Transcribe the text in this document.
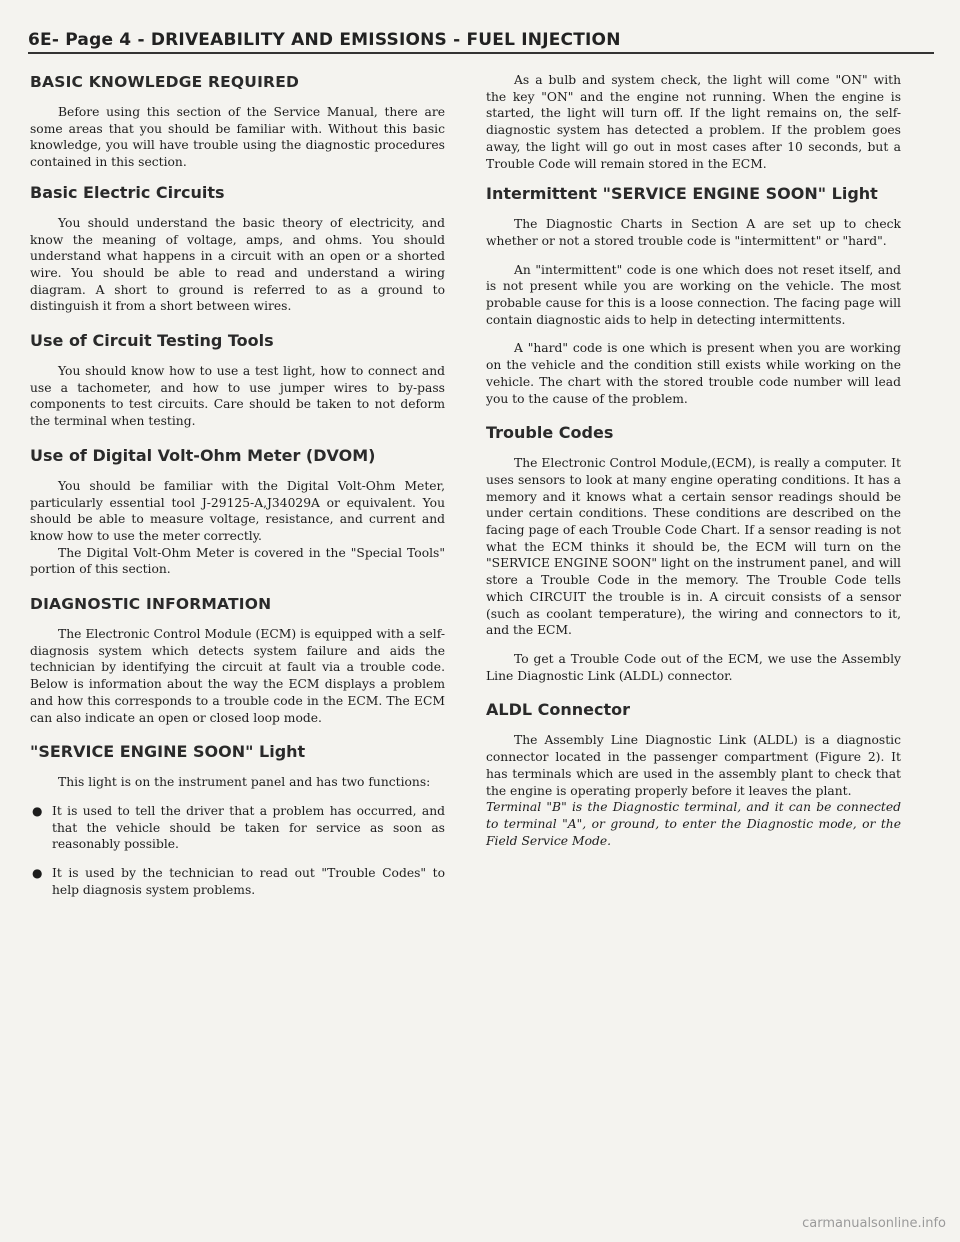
6E- Page 4 - DRIVEABILITY AND EMISSIONS - FUEL INJECTION
BASIC KNOWLEDGE REQUIRED

Before using this section of the Service Manual, there are some areas that you should be familiar with. Without this basic knowledge, you will have trouble using the diagnostic procedures contained in this section.

Basic Electric Circuits

You should understand the basic theory of electricity, and know the meaning of voltage, amps, and ohms. You should understand what happens in a circuit with an open or a shorted wire. You should be able to read and understand a wiring diagram. A short to ground is referred to as a ground to distinguish it from a short between wires.

Use of Circuit Testing Tools

You should know how to use a test light, how to connect and use a tachometer, and how to use jumper wires to by-pass components to test circuits. Care should be taken to not deform the terminal when testing.

Use of Digital Volt-Ohm Meter (DVOM)

You should be familiar with the Digital Volt-Ohm Meter, particularly essential tool J-29125-A,J34029A or equivalent. You should be able to measure voltage, resistance, and current and know how to use the meter correctly.

The Digital Volt-Ohm Meter is covered in the "Special Tools" portion of this section.

DIAGNOSTIC INFORMATION

The Electronic Control Module (ECM) is equipped with a self- diagnosis system which detects system failure and aids the technician by identifying the circuit at fault via a trouble code. Below is information about the way the ECM displays a problem and how this corresponds to a trouble code in the ECM. The ECM can also indicate an open or closed loop mode.

"SERVICE ENGINE SOON" Light

This light is on the instrument panel and has two functions:

● It is used to tell the driver that a problem has occurred, and that the vehicle should be taken for service as soon as reasonably possible.
● It is used by the technician to read out "Trouble Codes" to help diagnosis system problems.

As a bulb and system check, the light will come "ON" with the key "ON" and the engine not running. When the engine is started, the light will turn off. If the light remains on, the self-diagnostic system has detected a problem. If the problem goes away, the light will go out in most cases after 10 seconds, but a Trouble Code will remain stored in the ECM.

Intermittent "SERVICE ENGINE SOON" Light

The Diagnostic Charts in Section A are set up to check whether or not a stored trouble code is "intermittent" or "hard".

An "intermittent" code is one which does not reset itself, and is not present while you are working on the vehicle. The most probable cause for this is a loose connection. The facing page will contain diagnostic aids to help in detecting intermittents.

A "hard" code is one which is present when you are working on the vehicle and the condition still exists while working on the vehicle. The chart with the stored trouble code number will lead you to the cause of the problem.

Trouble Codes

The Electronic Control Module,(ECM), is really a computer. It uses sensors to look at many engine operating conditions. It has a memory and it knows what a certain sensor readings should be under certain conditions. These conditions are described on the facing page of each Trouble Code Chart. If a sensor reading is not what the ECM thinks it should be, the ECM will turn on the "SERVICE ENGINE SOON" light on the instrument panel, and will store a Trouble Code in the memory. The Trouble Code tells which CIRCUIT the trouble is in. A circuit consists of a sensor (such as coolant temperature), the wiring and connectors to it, and the ECM.

To get a Trouble Code out of the ECM, we use the Assembly Line Diagnostic Link (ALDL) connector.

ALDL Connector

The Assembly Line Diagnostic Link (ALDL) is a diagnostic connector located in the passenger compartment (Figure 2). It has terminals which are used in the assembly plant to check that the engine is operating properly before it leaves the plant.

Terminal "B" is the Diagnostic terminal, and it can be connected to terminal "A", or ground, to enter the Diagnostic mode, or the Field Service Mode.

carmanualsonline.info
